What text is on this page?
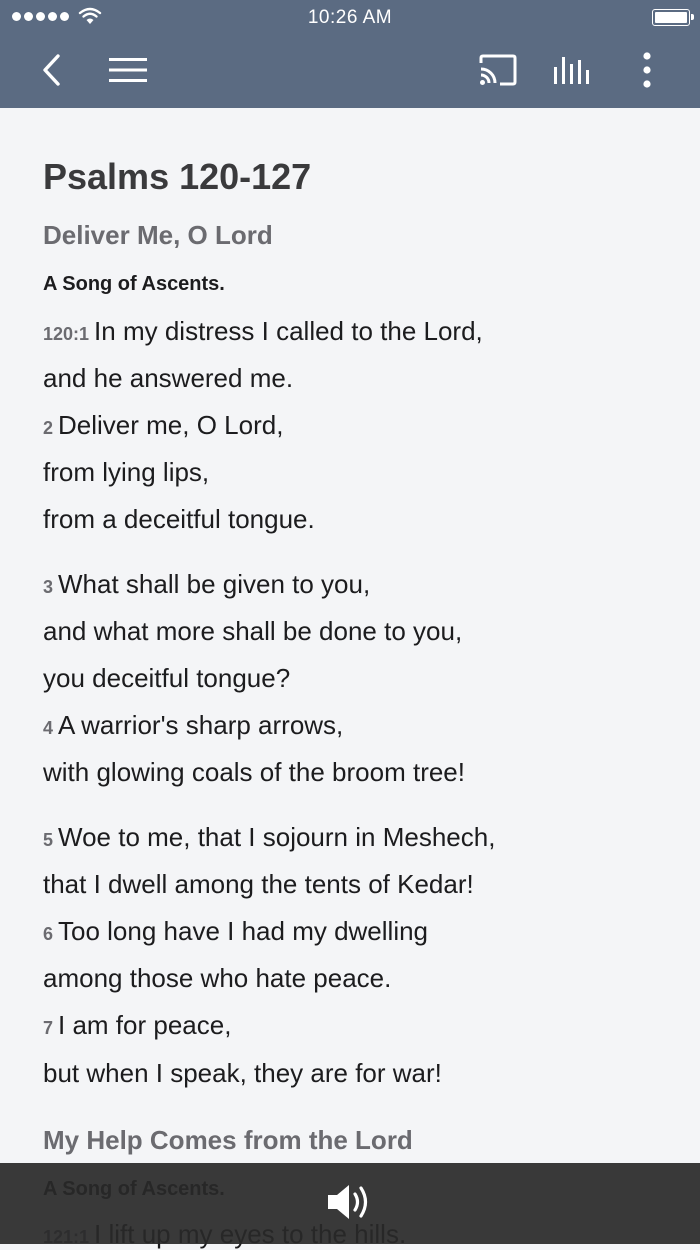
10:26 AM
Psalms 120-127
Deliver Me, O Lord
A Song of Ascents.
120:1 In my distress I called to the Lord,
and he answered me.
2 Deliver me, O Lord,
from lying lips,
from a deceitful tongue.
3 What shall be given to you,
and what more shall be done to you,
you deceitful tongue?
4 A warrior's sharp arrows,
with glowing coals of the broom tree!
5 Woe to me, that I sojourn in Meshech,
that I dwell among the tents of Kedar!
6 Too long have I had my dwelling
among those who hate peace.
7 I am for peace,
but when I speak, they are for war!
My Help Comes from the Lord
